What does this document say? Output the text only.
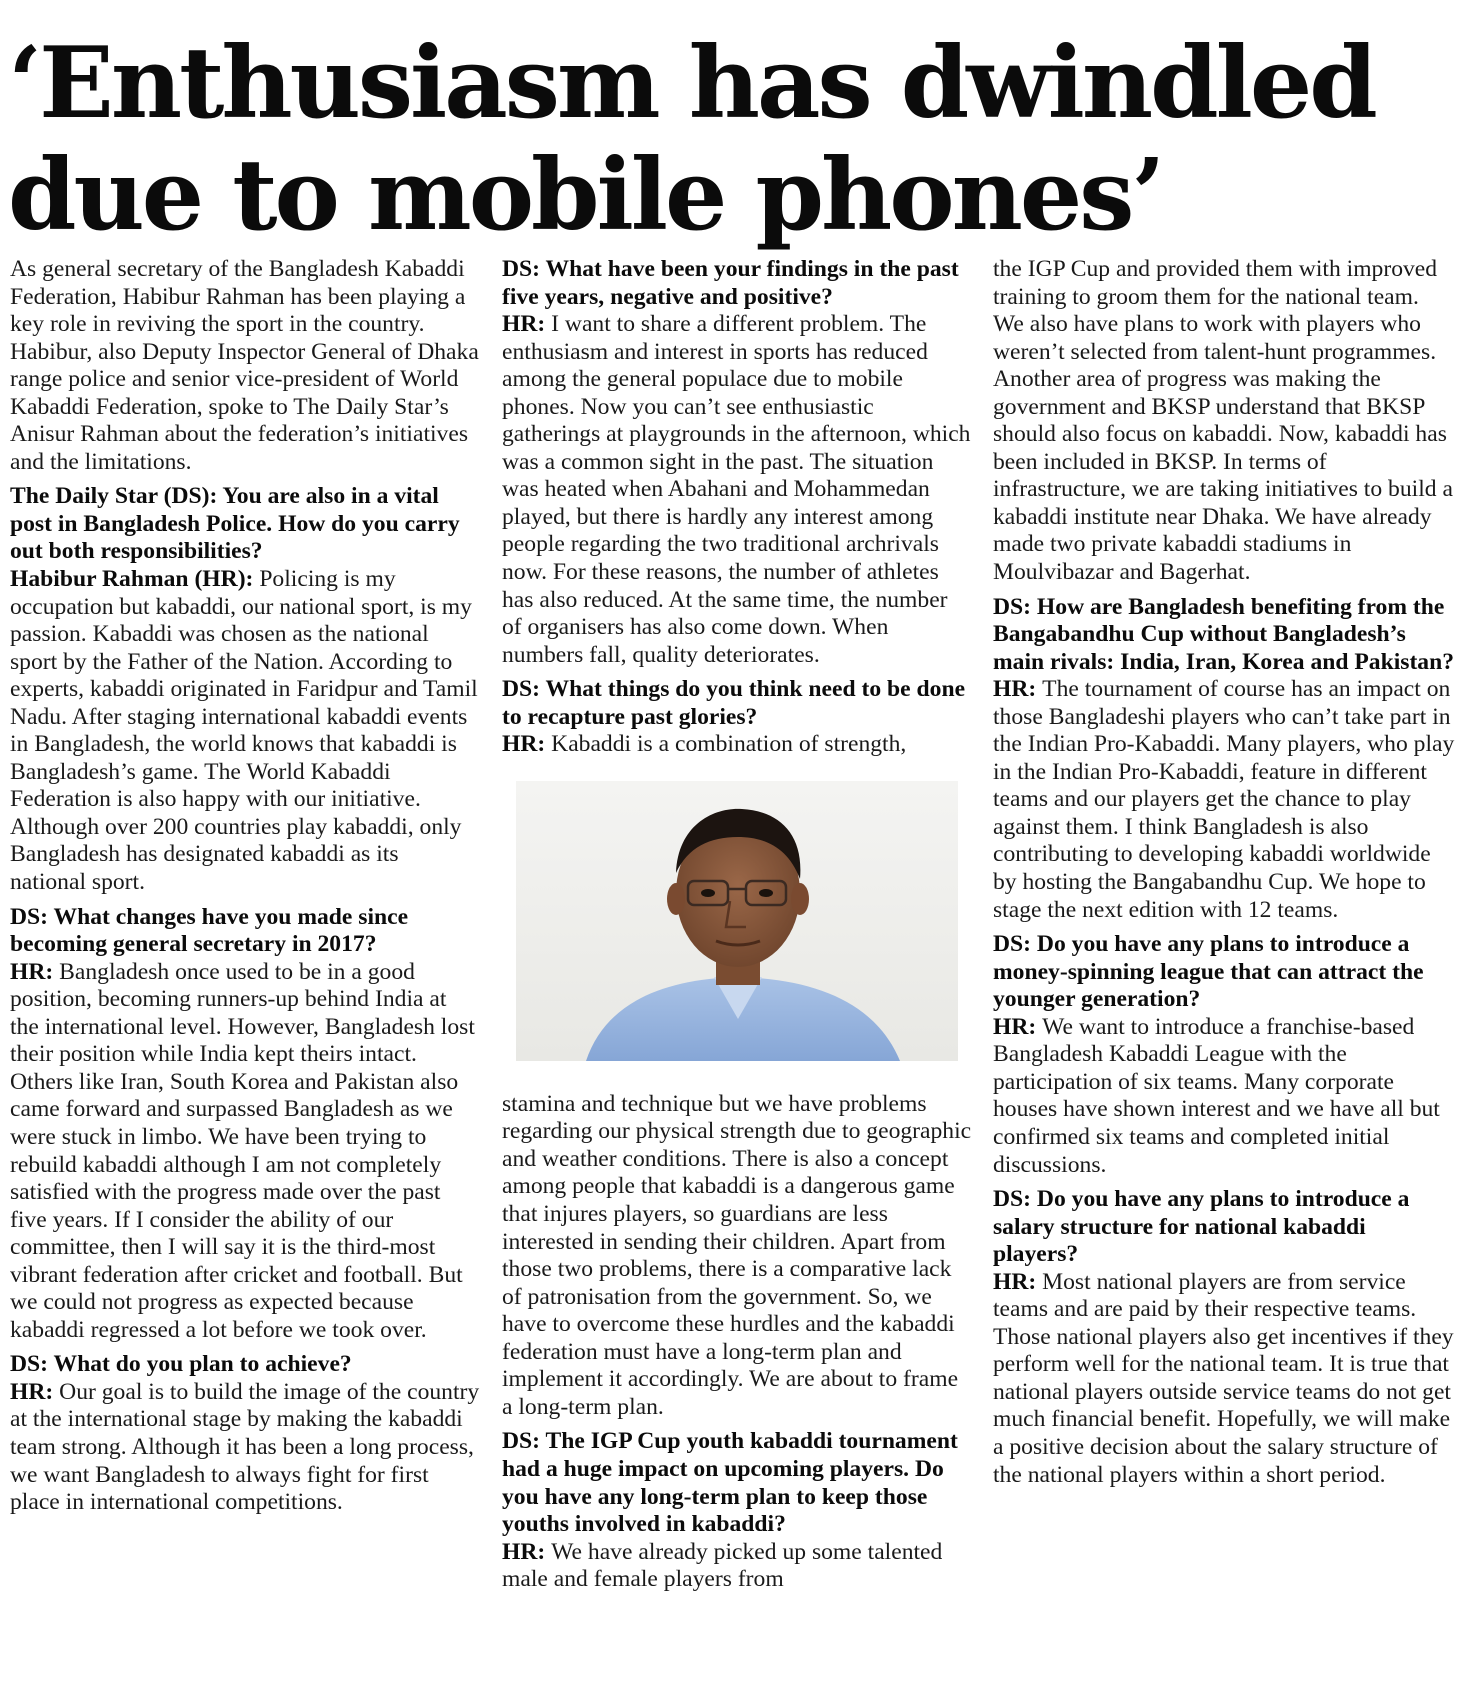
‘Enthusiasm has dwindled due to mobile phones’

As general secretary of the Bangladesh Kabaddi Federation, Habibur Rahman has been playing a key role in reviving the sport in the country. Habibur, also Deputy Inspector General of Dhaka range police and senior vice-president of World Kabaddi Federation, spoke to The Daily Star’s Anisur Rahman about the federation’s initiatives and the limitations.

The Daily Star (DS): You are also in a vital post in Bangladesh Police. How do you carry out both responsibilities?
Habibur Rahman (HR): Policing is my occupation but kabaddi, our national sport, is my passion. Kabaddi was chosen as the national sport by the Father of the Nation. According to experts, kabaddi originated in Faridpur and Tamil Nadu. After staging international kabaddi events in Bangladesh, the world knows that kabaddi is Bangladesh’s game. The World Kabaddi Federation is also happy with our initiative. Although over 200 countries play kabaddi, only Bangladesh has designated kabaddi as its national sport.

DS: What changes have you made since becoming general secretary in 2017?
HR: Bangladesh once used to be in a good position, becoming runners-up behind India at the international level. However, Bangladesh lost their position while India kept theirs intact. Others like Iran, South Korea and Pakistan also came forward and surpassed Bangladesh as we were stuck in limbo. We have been trying to rebuild kabaddi although I am not completely satisfied with the progress made over the past five years. If I consider the ability of our committee, then I will say it is the third-most vibrant federation after cricket and football. But we could not progress as expected because kabaddi regressed a lot before we took over.

DS: What do you plan to achieve?
HR: Our goal is to build the image of the country at the international stage by making the kabaddi team strong. Although it has been a long process, we want Bangladesh to always fight for first place in international competitions.

DS: What have been your findings in the past five years, negative and positive?
HR: I want to share a different problem. The enthusiasm and interest in sports has reduced among the general populace due to mobile phones. Now you can’t see enthusiastic gatherings at playgrounds in the afternoon, which was a common sight in the past. The situation was heated when Abahani and Mohammedan played, but there is hardly any interest among people regarding the two traditional archrivals now. For these reasons, the number of athletes has also reduced. At the same time, the number of organisers has also come down. When numbers fall, quality deteriorates.

DS: What things do you think need to be done to recapture past glories?
HR: Kabaddi is a combination of strength,

stamina and technique but we have problems regarding our physical strength due to geographic and weather conditions. There is also a concept among people that kabaddi is a dangerous game that injures players, so guardians are less interested in sending their children. Apart from those two problems, there is a comparative lack of patronisation from the government. So, we have to overcome these hurdles and the kabaddi federation must have a long-term plan and implement it accordingly. We are about to frame a long-term plan.

DS: The IGP Cup youth kabaddi tournament had a huge impact on upcoming players. Do you have any long-term plan to keep those youths involved in kabaddi?
HR: We have already picked up some talented male and female players from

the IGP Cup and provided them with improved training to groom them for the national team. We also have plans to work with players who weren’t selected from talent-hunt programmes. Another area of progress was making the government and BKSP understand that BKSP should also focus on kabaddi. Now, kabaddi has been included in BKSP. In terms of infrastructure, we are taking initiatives to build a kabaddi institute near Dhaka. We have already made two private kabaddi stadiums in Moulvibazar and Bagerhat.

DS: How are Bangladesh benefiting from the Bangabandhu Cup without Bangladesh’s main rivals: India, Iran, Korea and Pakistan?
HR: The tournament of course has an impact on those Bangladeshi players who can’t take part in the Indian Pro-Kabaddi. Many players, who play in the Indian Pro-Kabaddi, feature in different teams and our players get the chance to play against them. I think Bangladesh is also contributing to developing kabaddi worldwide by hosting the Bangabandhu Cup. We hope to stage the next edition with 12 teams.

DS: Do you have any plans to introduce a money-spinning league that can attract the younger generation?
HR: We want to introduce a franchise-based Bangladesh Kabaddi League with the participation of six teams. Many corporate houses have shown interest and we have all but confirmed six teams and completed initial discussions.

DS: Do you have any plans to introduce a salary structure for national kabaddi players?
HR: Most national players are from service teams and are paid by their respective teams. Those national players also get incentives if they perform well for the national team. It is true that national players outside service teams do not get much financial benefit. Hopefully, we will make a positive decision about the salary structure of the national players within a short period.
